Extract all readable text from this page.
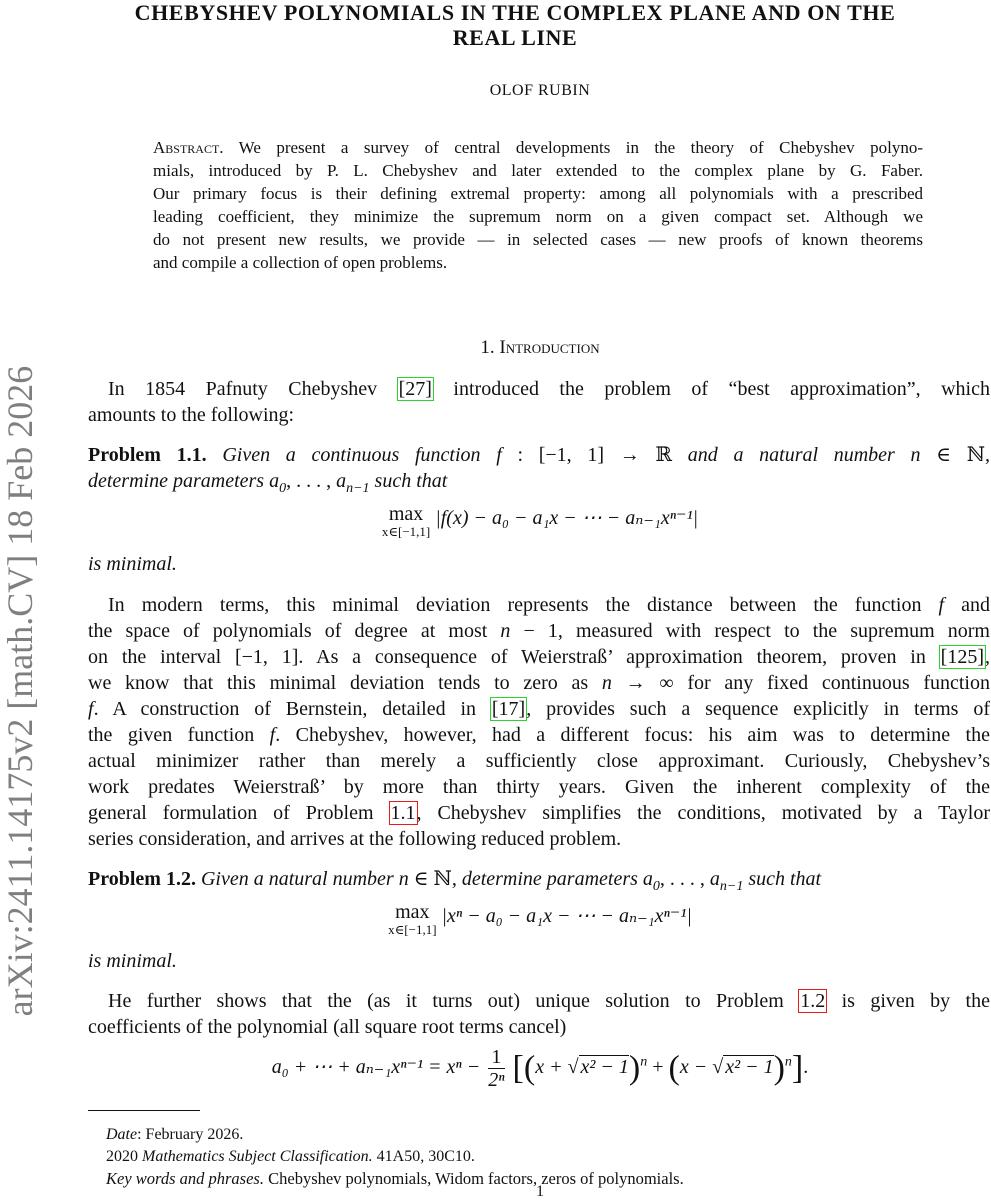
arXiv:2411.14175v2 [math.CV] 18 Feb 2026
CHEBYSHEV POLYNOMIALS IN THE COMPLEX PLANE AND ON THE
REAL LINE
OLOF RUBIN
Abstract. We present a survey of central developments in the theory of Chebyshev polyno-
mials, introduced by P. L. Chebyshev and later extended to the complex plane by G. Faber.
Our primary focus is their defining extremal property: among all polynomials with a prescribed
leading coefficient, they minimize the supremum norm on a given compact set. Although we
do not present new results, we provide — in selected cases — new proofs of known theorems
and compile a collection of open problems.
1. Introduction
In 1854 Pafnuty Chebyshev [27] introduced the problem of “best approximation”, which
amounts to the following:
Problem 1.1. Given a continuous function f : [−1, 1] → ℝ and a natural number n ∈ ℕ,
determine parameters $a_0$, . . . , $a_{n-1}$ such that
max
x∈[−1,1]
|f(x) − a₀ − a₁x − ⋯ − aₙ₋₁xⁿ⁻¹|
is minimal.
In modern terms, this minimal deviation represents the distance between the function f and
the space of polynomials of degree at most n − 1, measured with respect to the supremum norm
on the interval [−1, 1]. As a consequence of Weierstraß’ approximation theorem, proven in [125],
we know that this minimal deviation tends to zero as n → ∞ for any fixed continuous function
f. A construction of Bernstein, detailed in [17], provides such a sequence explicitly in terms of
the given function f. Chebyshev, however, had a different focus: his aim was to determine the
actual minimizer rather than merely a sufficiently close approximant. Curiously, Chebyshev’s
work predates Weierstraß’ by more than thirty years. Given the inherent complexity of the
general formulation of Problem 1.1, Chebyshev simplifies the conditions, motivated by a Taylor
series consideration, and arrives at the following reduced problem.
Problem 1.2. Given a natural number n ∈ ℕ, determine parameters $a_0$, . . . , $a_{n-1}$ such that
max
x∈[−1,1]
|xⁿ − a₀ − a₁x − ⋯ − aₙ₋₁xⁿ⁻¹|
is minimal.
He further shows that the (as it turns out) unique solution to Problem 1.2 is given by the
coefficients of the polynomial (all square root terms cancel)
a₀ + ⋯ + $a_{n-1}x^{n-1} = x^n - \frac{1}{\text{2ⁿ}} [(x$ + √ x² − 1)$^n$ + (x − √ x² − 1)$^n$].
Date: February 2026.
2020 Mathematics Subject Classification. 41A50, 30C10.
Key words and phrases. Chebyshev polynomials, Widom factors, zeros of polynomials.
1
